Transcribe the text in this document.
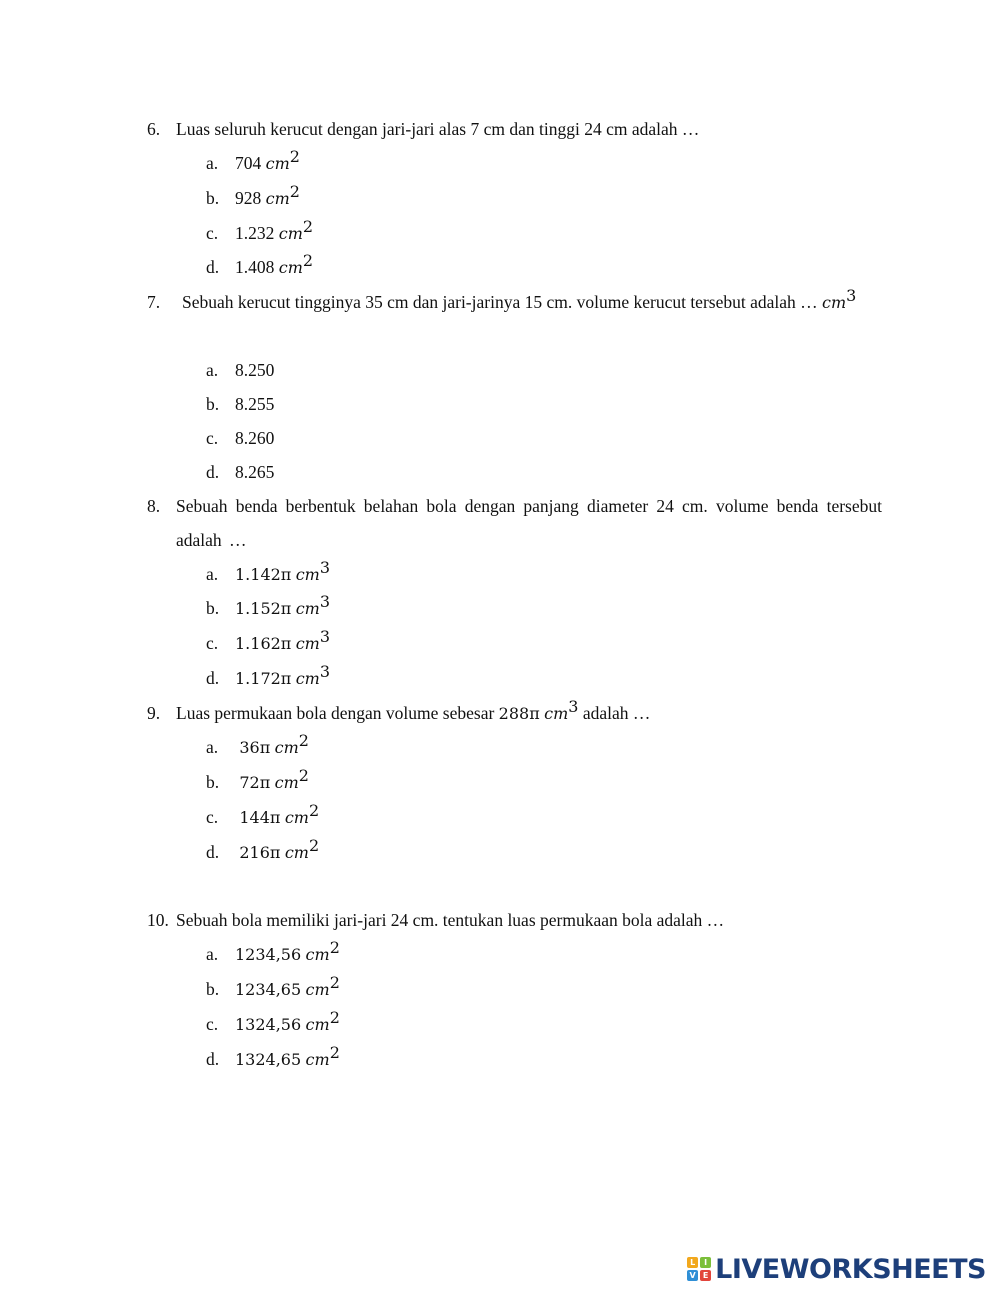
6. Luas seluruh kerucut dengan jari-jari alas 7 cm dan tinggi 24 cm adalah …
a. 704 $cm^2$
b. 928 $cm^2$
c. 1.232 $cm^2$
d. 1.408 $cm^2$
7.	Sebuah kerucut tingginya 35 cm dan jari-jarinya 15 cm. volume kerucut tersebut adalah … $cm^3$
a. 8.250
b. 8.255
c. 8.260
d. 8.265
8. Sebuah benda berbentuk belahan bola dengan panjang diameter 24 cm. volume benda tersebut adalah …
a. 1.142π $cm^3$
b. 1.152π $cm^3$
c. 1.162π $cm^3$
d. 1.172π $cm^3$
9. Luas permukaan bola dengan volume sebesar 288π $cm^3$ adalah …
a. 36π $cm^2$
b. 72π $cm^2$
c. 144π $cm^2$
d. 216π $cm^2$
10. Sebuah bola memiliki jari-jari 24 cm. tentukan luas permukaan bola adalah …
a. 1234,56 $cm^2$
b. 1234,65 $cm^2$
c. 1324,56 $cm^2$
d. 1324,65 $cm^2$
L	I
V E LIVEWORKSHEETS
